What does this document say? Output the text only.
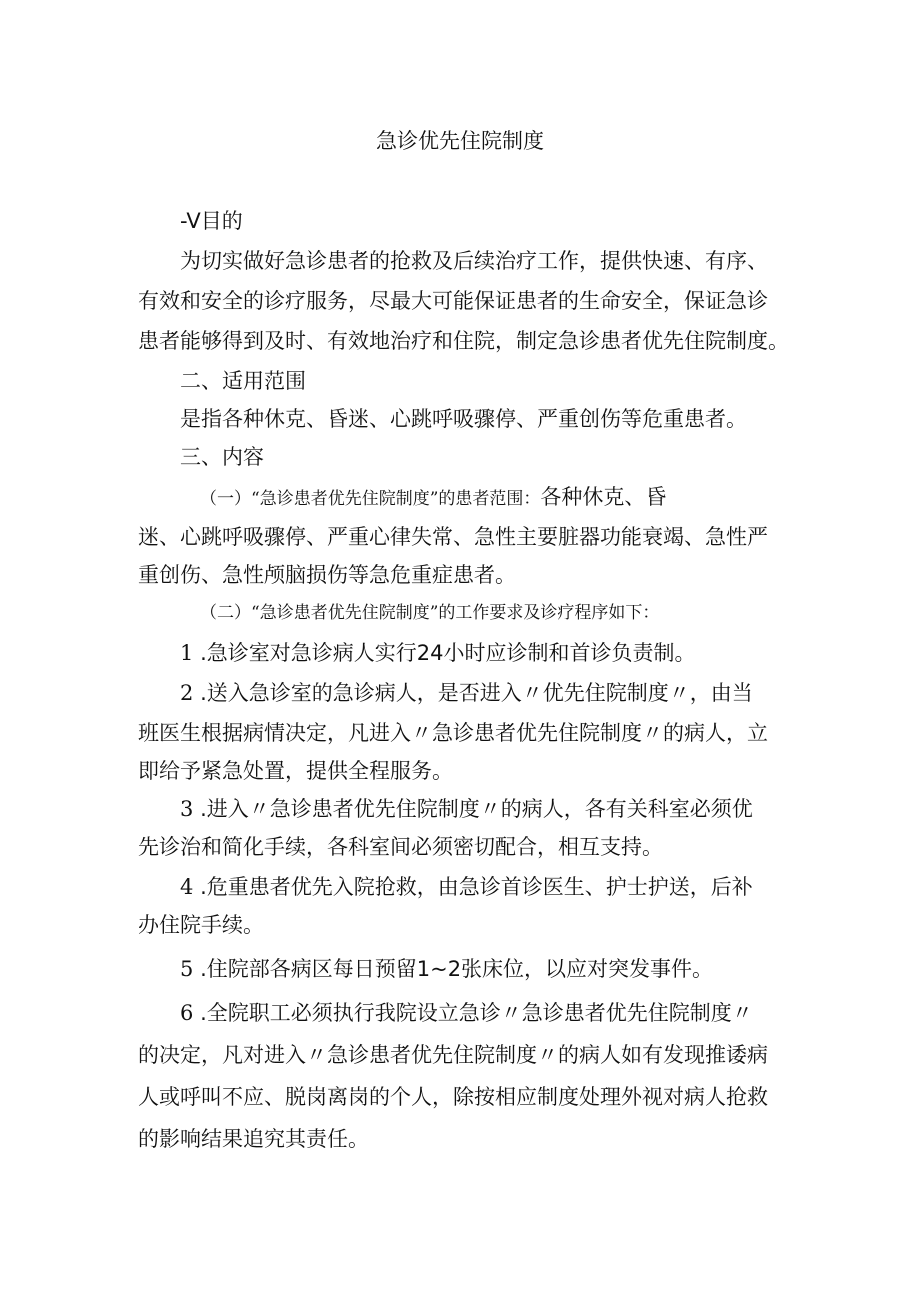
急诊优先住院制度
-V目的
为切实做好急诊患者的抢救及后续治疗工作，提供快速、有序、
有效和安全的诊疗服务，尽最大可能保证患者的生命安全，保证急诊
患者能够得到及时、有效地治疗和住院，制定急诊患者优先住院制度。
二、适用范围
是指各种休克、昏迷、心跳呼吸骤停、严重创伤等危重患者。
三、内容
（一）“急诊患者优先住院制度”的患者范围：各种休克、昏
迷、心跳呼吸骤停、严重心律失常、急性主要脏器功能衰竭、急性严
重创伤、急性颅脑损伤等急危重症患者。
（二）“急诊患者优先住院制度”的工作要求及诊疗程序如下：
1 .急诊室对急诊病人实行24小时应诊制和首诊负责制。
2 .送入急诊室的急诊病人，是否进入〃优先住院制度〃，由当
班医生根据病情决定，凡进入〃急诊患者优先住院制度〃的病人，立
即给予紧急处置，提供全程服务。
3 .进入〃急诊患者优先住院制度〃的病人，各有关科室必须优
先诊治和简化手续，各科室间必须密切配合，相互支持。
4 .危重患者优先入院抢救，由急诊首诊医生、护士护送，后补
办住院手续。
5 .住院部各病区每日预留1~2张床位，以应对突发事件。
6 .全院职工必须执行我院设立急诊〃急诊患者优先住院制度〃
的决定，凡对进入〃急诊患者优先住院制度〃的病人如有发现推诿病
人或呼叫不应、脱岗离岗的个人，除按相应制度处理外视对病人抢救
的影响结果追究其责任。
